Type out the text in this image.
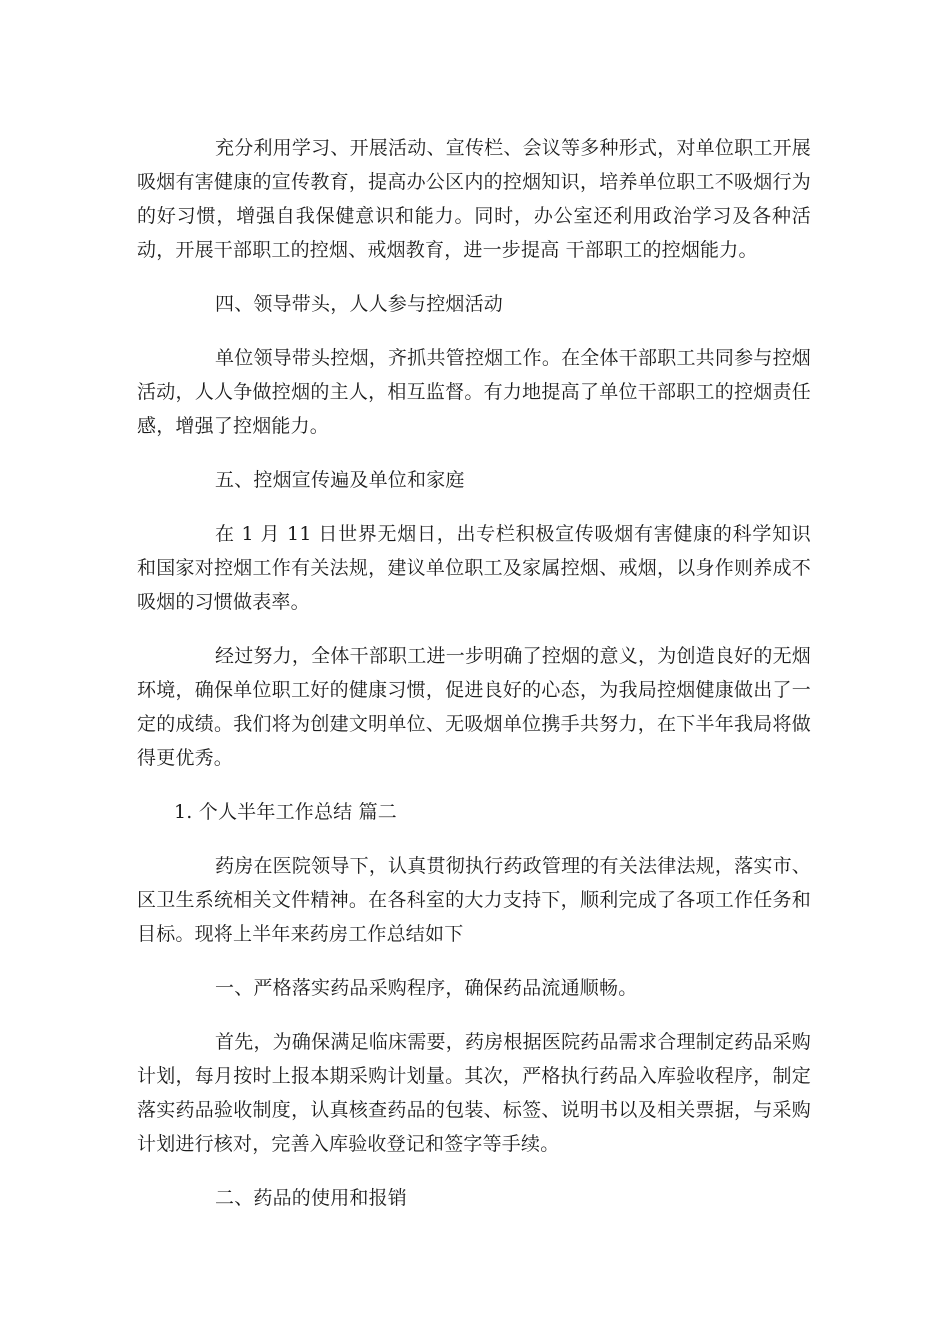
充分利用学习、开展活动、宣传栏、会议等多种形式，对单位职工开展吸烟有害健康的宣传教育，提高办公区内的控烟知识，培养单位职工不吸烟行为的好习惯，增强自我保健意识和能力。同时，办公室还利用政治学习及各种活动，开展干部职工的控烟、戒烟教育，进一步提高 干部职工的控烟能力。

四、领导带头，人人参与控烟活动

单位领导带头控烟，齐抓共管控烟工作。在全体干部职工共同参与控烟活动，人人争做控烟的主人，相互监督。有力地提高了单位干部职工的控烟责任感，增强了控烟能力。

五、控烟宣传遍及单位和家庭

在 1 月 11 日世界无烟日，出专栏积极宣传吸烟有害健康的科学知识和国家对控烟工作有关法规，建议单位职工及家属控烟、戒烟，以身作则养成不吸烟的习惯做表率。

经过努力，全体干部职工进一步明确了控烟的意义，为创造良好的无烟环境，确保单位职工好的健康习惯，促进良好的心态，为我局控烟健康做出了一定的成绩。我们将为创建文明单位、无吸烟单位携手共努力，在下半年我局将做得更优秀。

1. 个人半年工作总结 篇二

药房在医院领导下，认真贯彻执行药政管理的有关法律法规，落实市、区卫生系统相关文件精神。在各科室的大力支持下，顺利完成了各项工作任务和目标。现将上半年来药房工作总结如下

一、严格落实药品采购程序，确保药品流通顺畅。

首先，为确保满足临床需要，药房根据医院药品需求合理制定药品采购计划，每月按时上报本期采购计划量。其次，严格执行药品入库验收程序，制定落实药品验收制度，认真核查药品的包装、标签、说明书以及相关票据，与采购计划进行核对，完善入库验收登记和签字等手续。

二、药品的使用和报销
